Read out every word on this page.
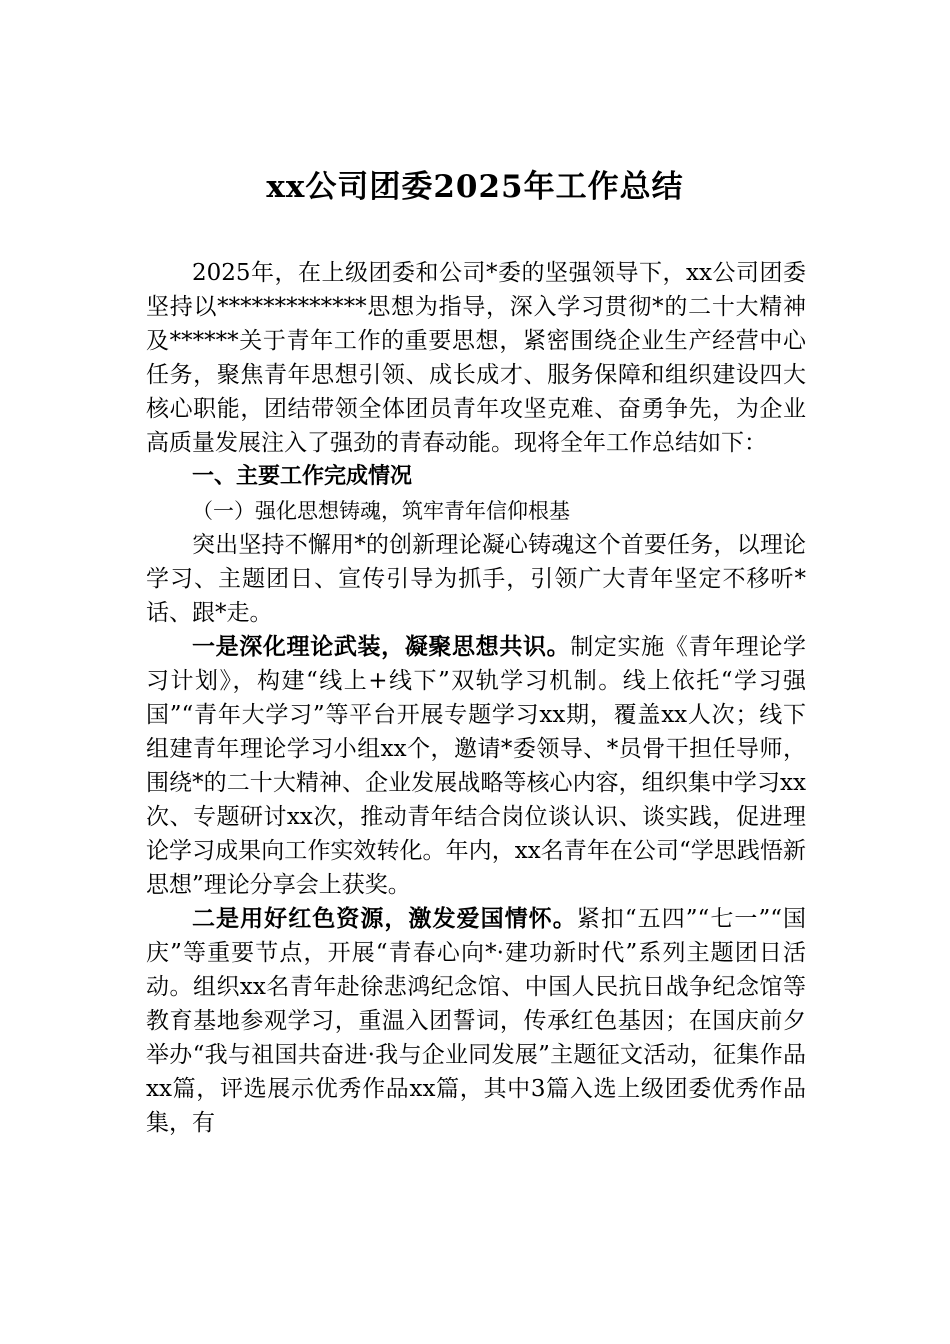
xx公司团委2025年工作总结

2025年，在上级团委和公司*委的坚强领导下，xx公司团委坚持以*************思想为指导，深入学习贯彻*的二十大精神及******关于青年工作的重要思想，紧密围绕企业生产经营中心任务，聚焦青年思想引领、成长成才、服务保障和组织建设四大核心职能，团结带领全体团员青年攻坚克难、奋勇争先，为企业高质量发展注入了强劲的青春动能。现将全年工作总结如下：

一、主要工作完成情况
（一）强化思想铸魂，筑牢青年信仰根基

突出坚持不懈用*的创新理论凝心铸魂这个首要任务，以理论学习、主题团日、宣传引导为抓手，引领广大青年坚定不移听*话、跟*走。

一是深化理论武装，凝聚思想共识。制定实施《青年理论学习计划》，构建“线上+线下”双轨学习机制。线上依托“学习强国”“青年大学习”等平台开展专题学习xx期，覆盖xx人次；线下组建青年理论学习小组xx个，邀请*委领导、*员骨干担任导师，围绕*的二十大精神、企业发展战略等核心内容，组织集中学习xx次、专题研讨xx次，推动青年结合岗位谈认识、谈实践，促进理论学习成果向工作实效转化。年内，xx名青年在公司“学思践悟新思想”理论分享会上获奖。

二是用好红色资源，激发爱国情怀。紧扣“五四”“七一”“国庆”等重要节点，开展“青春心向*·建功新时代”系列主题团日活动。组织xx名青年赴徐悲鸿纪念馆、中国人民抗日战争纪念馆等教育基地参观学习，重温入团誓词，传承红色基因；在国庆前夕举办“我与祖国共奋进·我与企业同发展”主题征文活动，征集作品xx篇，评选展示优秀作品xx篇，其中3篇入选上级团委优秀作品集，有
